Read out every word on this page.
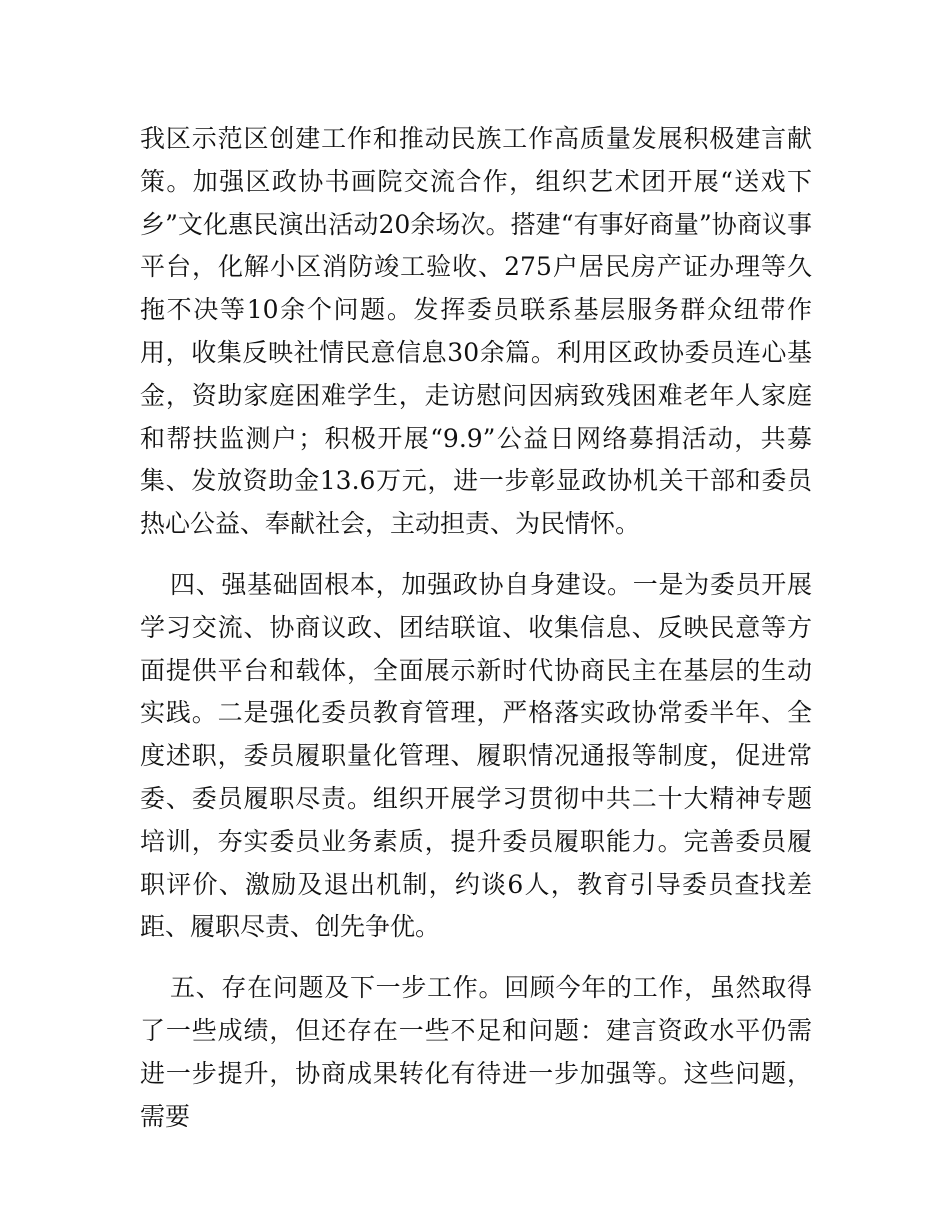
我区示范区创建工作和推动民族工作高质量发展积极建言献策。加强区政协书画院交流合作，组织艺术团开展“送戏下乡”文化惠民演出活动20余场次。搭建“有事好商量”协商议事平台，化解小区消防竣工验收、275户居民房产证办理等久拖不决等10余个问题。发挥委员联系基层服务群众纽带作用，收集反映社情民意信息30余篇。利用区政协委员连心基金，资助家庭困难学生，走访慰问因病致残困难老年人家庭和帮扶监测户；积极开展“9.9”公益日网络募捐活动，共募集、发放资助金13.6万元，进一步彰显政协机关干部和委员热心公益、奉献社会，主动担责、为民情怀。

四、强基础固根本，加强政协自身建设。一是为委员开展学习交流、协商议政、团结联谊、收集信息、反映民意等方面提供平台和载体，全面展示新时代协商民主在基层的生动实践。二是强化委员教育管理，严格落实政协常委半年、全度述职，委员履职量化管理、履职情况通报等制度，促进常委、委员履职尽责。组织开展学习贯彻中共二十大精神专题培训，夯实委员业务素质，提升委员履职能力。完善委员履职评价、激励及退出机制，约谈6人，教育引导委员查找差距、履职尽责、创先争优。

五、存在问题及下一步工作。回顾今年的工作，虽然取得了一些成绩，但还存在一些不足和问题：建言资政水平仍需进一步提升，协商成果转化有待进一步加强等。这些问题，需要
